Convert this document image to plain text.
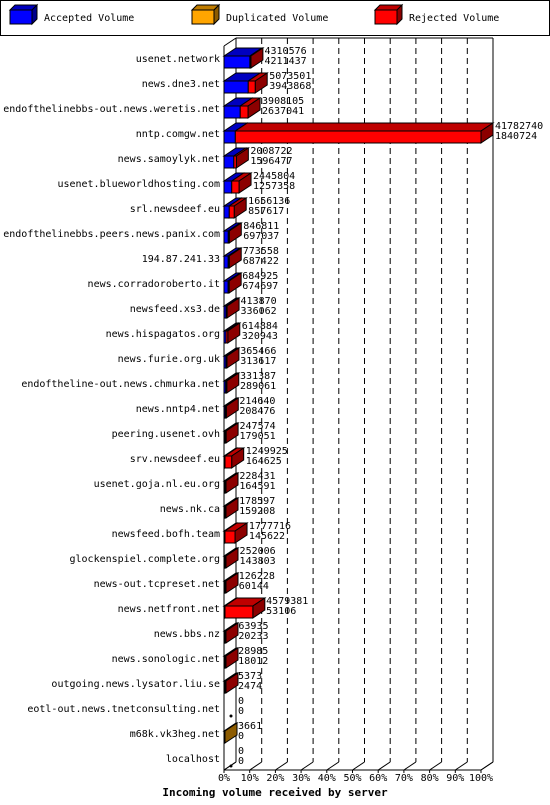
Accepted Volume	Duplicated Volume	Rejected Volume
0% 10% 20% 30% 40% 50% 60% 70% 80% 90% 100%
usenet.network
4310576
4211437
news.dne3.net
5073501
3943868
endofthelinebbs-out.news.weretis.net
3908105
2637041
nntp.comgw.net
41782740
1840724
news.samoylyk.net
2008722
1596477
usenet.blueworldhosting.com
2445804
1257358
srl.newsdeef.eu
1656136
857617
endofthelinebbs.peers.news.panix.com
846811
697037
194.87.241.33
773558
687422
news.corradoroberto.it
684925
674697
newsfeed.xs3.de
413870
336062
news.hispagatos.org
614884
320943
news.furie.org.uk
365466
313617
endoftheline-out.news.chmurka.net
331387
289061
news.nntp4.net
214640
208476
peering.usenet.ovh
247574
179051
srv.newsdeef.eu
1249925
164625
usenet.goja.nl.eu.org
228431
164591
news.nk.ca
178597
159208
newsfeed.bofh.team
1777716
145622
glockenspiel.complete.org
252006
143803
news-out.tcpreset.net
126228
60144
news.netfront.net
4579381
53106
news.bbs.nz
63935
20233
news.sonologic.net
28985
18012
outgoing.news.lysator.liu.se
5373
2474
eotl-out.news.tnetconsulting.net
0
0
m68k.vk3heg.net
3661
0
localhost
0
0
Incoming volume received by server
